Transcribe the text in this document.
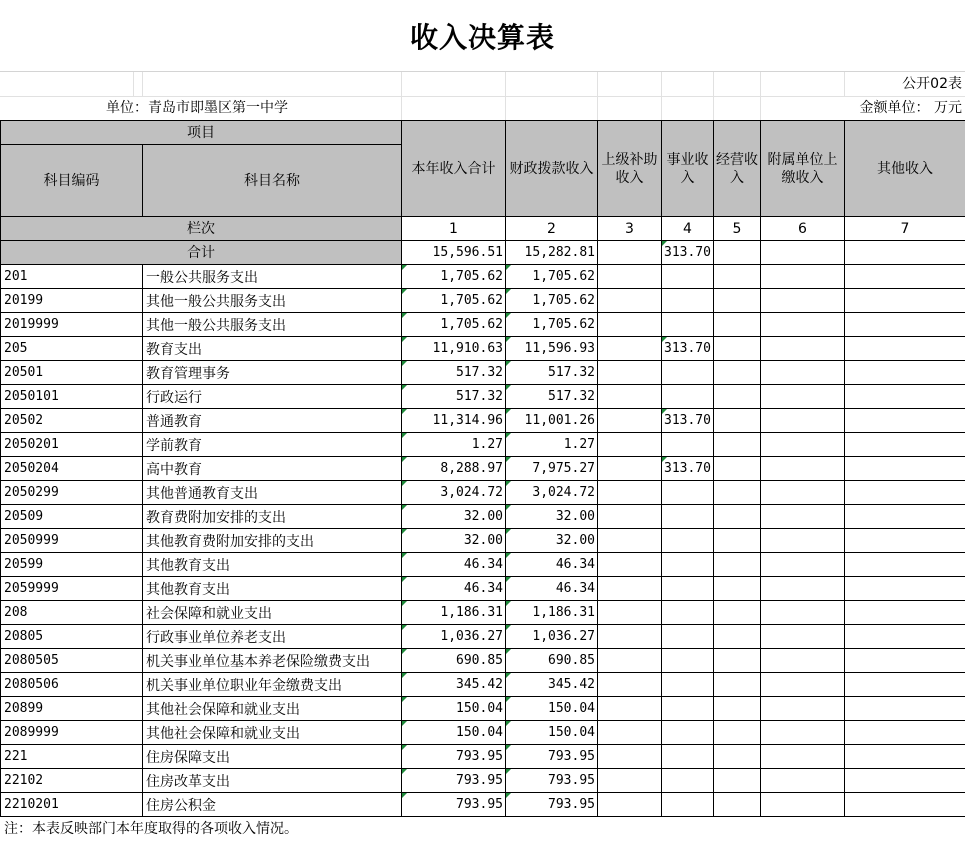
收入决算表
公开02表
单位：青岛市即墨区第一中学	金额单位： 万元
项目		本年收入合计	财政拨款收入	上级补助收入	事业收入	经营收入	附属单位上缴收入	其他收入
科目编码	科目名称							

栏次		1	2	3	4	5	6	7
合计		15,596.51	15,282.81		313.70			
201	一般公共服务支出	1,705.62	1,705.62					
20199	其他一般公共服务支出	1,705.62	1,705.62					
2019999	其他一般公共服务支出	1,705.62	1,705.62					
205	教育支出	11,910.63	11,596.93		313.70			
20501	教育管理事务	517.32	517.32					
2050101	行政运行	517.32	517.32					
20502	普通教育	11,314.96	11,001.26		313.70			
2050201	学前教育	1.27	1.27					
2050204	高中教育	8,288.97	7,975.27		313.70			
2050299	其他普通教育支出	3,024.72	3,024.72					
20509	教育费附加安排的支出	32.00	32.00					
2050999	其他教育费附加安排的支出	32.00	32.00					
20599	其他教育支出	46.34	46.34					
2059999	其他教育支出	46.34	46.34					
208	社会保障和就业支出	1,186.31	1,186.31					
20805	行政事业单位养老支出	1,036.27	1,036.27					
2080505	机关事业单位基本养老保险缴费支出	690.85	690.85					
2080506	机关事业单位职业年金缴费支出	345.42	345.42					
20899	其他社会保障和就业支出	150.04	150.04					
2089999	其他社会保障和就业支出	150.04	150.04					
221	住房保障支出	793.95	793.95					
22102	住房改革支出	793.95	793.95					
2210201	住房公积金	793.95	793.95					
注：本表反映部门本年度取得的各项收入情况。
